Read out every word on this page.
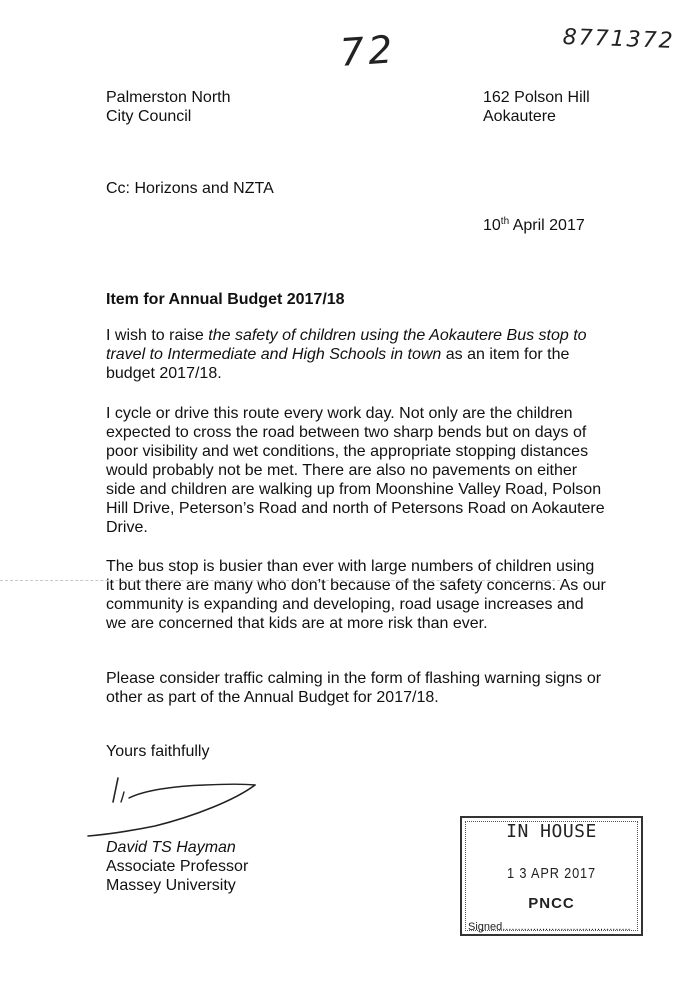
8771372
72
Palmerston North
City Council
162 Polson Hill
Aokautere
Cc: Horizons and NZTA
10th April 2017
Item for Annual Budget 2017/18

I wish to raise the safety of children using the Aokautere Bus stop to travel to Intermediate and High Schools in town as an item for the budget 2017/18.

I cycle or drive this route every work day. Not only are the children expected to cross the road between two sharp bends but on days of poor visibility and wet conditions, the appropriate stopping distances would probably not be met. There are also no pavements on either side and children are walking up from Moonshine Valley Road, Polson Hill Drive, Peterson’s Road and north of Petersons Road on Aokautere Drive.

The bus stop is busier than ever with large numbers of children using it but there are many who don’t because of the safety concerns. As our community is expanding and developing, road usage increases and we are concerned that kids are at more risk than ever.

Please consider traffic calming in the form of flashing warning signs or other as part of the Annual Budget for 2017/18.

Yours faithfully
David TS Hayman
Associate Professor
Massey University
IN HOUSE
1 3 APR 2017
PNCC
Signed..........................................
